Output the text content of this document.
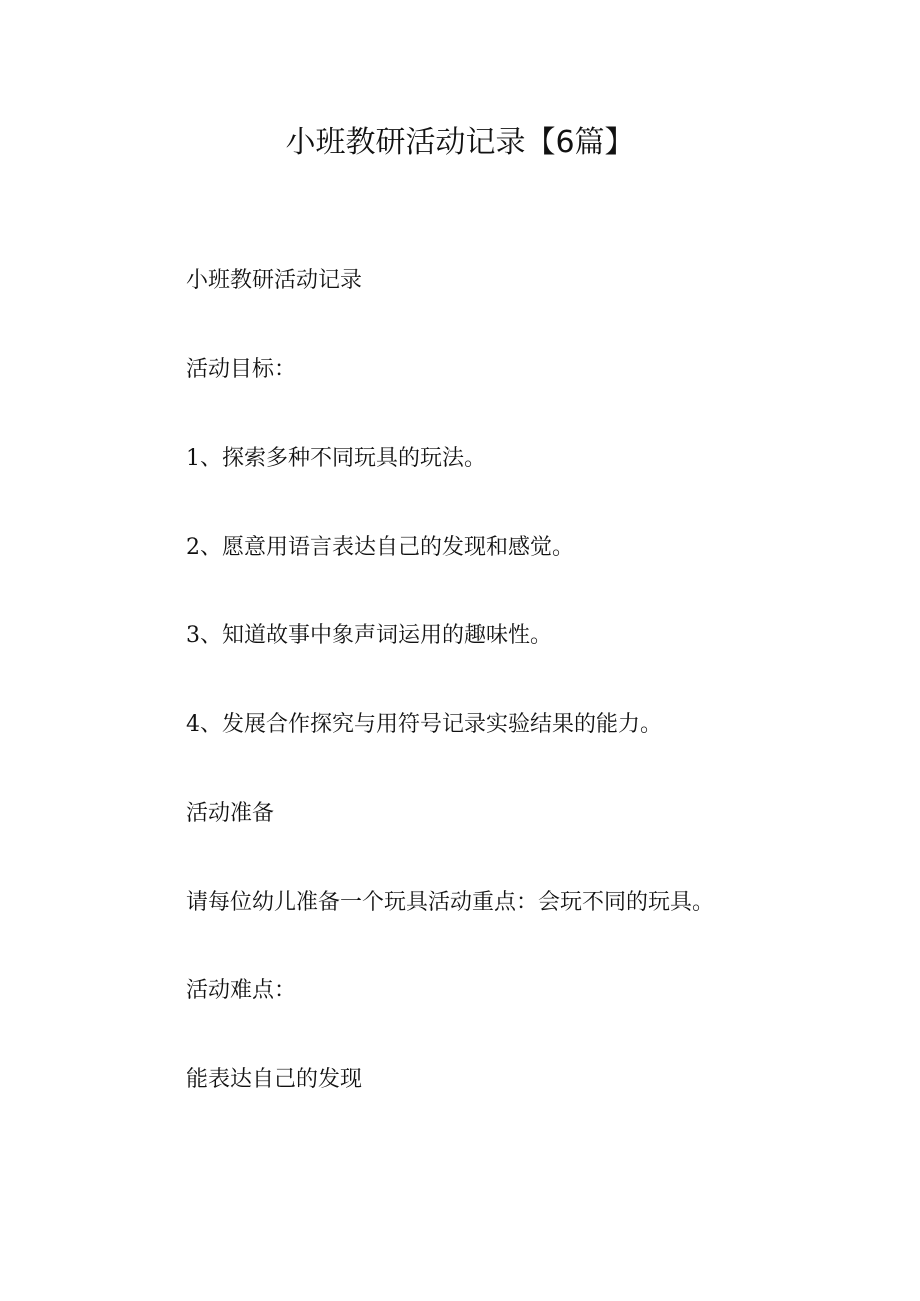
小班教研活动记录【6篇】

小班教研活动记录

活动目标：

1、探索多种不同玩具的玩法。

2、愿意用语言表达自己的发现和感觉。

3、知道故事中象声词运用的趣味性。

4、发展合作探究与用符号记录实验结果的能力。

活动准备

请每位幼儿准备一个玩具活动重点：会玩不同的玩具。

活动难点：

能表达自己的发现
